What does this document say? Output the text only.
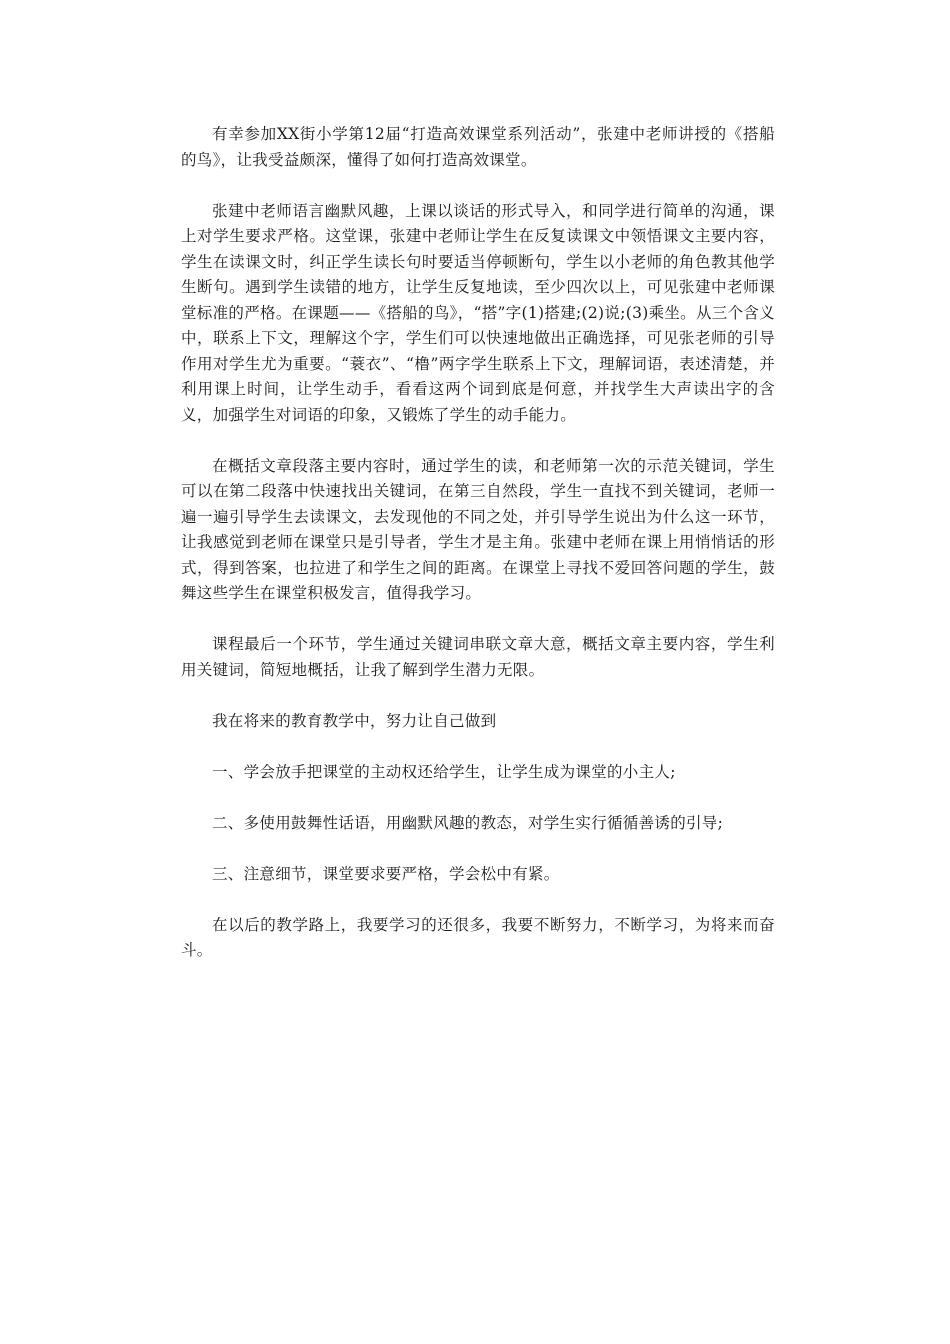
有幸参加XX街小学第12届“打造高效课堂系列活动”，张建中老师讲授的《搭船的鸟》，让我受益颇深，懂得了如何打造高效课堂。

张建中老师语言幽默风趣，上课以谈话的形式导入，和同学进行简单的沟通，课上对学生要求严格。这堂课，张建中老师让学生在反复读课文中领悟课文主要内容，学生在读课文时，纠正学生读长句时要适当停顿断句，学生以小老师的角色教其他学生断句。遇到学生读错的地方，让学生反复地读，至少四次以上，可见张建中老师课堂标准的严格。在课题——《搭船的鸟》，“搭”字(1)搭建;(2)说;(3)乘坐。从三个含义中，联系上下文，理解这个字，学生们可以快速地做出正确选择，可见张老师的引导作用对学生尤为重要。“蓑衣”、“橹”两字学生联系上下文，理解词语，表述清楚，并利用课上时间，让学生动手，看看这两个词到底是何意，并找学生大声读出字的含义，加强学生对词语的印象，又锻炼了学生的动手能力。

在概括文章段落主要内容时，通过学生的读，和老师第一次的示范关键词，学生可以在第二段落中快速找出关键词，在第三自然段，学生一直找不到关键词，老师一遍一遍引导学生去读课文，去发现他的不同之处，并引导学生说出为什么这一环节，让我感觉到老师在课堂只是引导者，学生才是主角。张建中老师在课上用悄悄话的形式，得到答案，也拉进了和学生之间的距离。在课堂上寻找不爱回答问题的学生，鼓舞这些学生在课堂积极发言，值得我学习。

课程最后一个环节，学生通过关键词串联文章大意，概括文章主要内容，学生利用关键词，简短地概括，让我了解到学生潜力无限。

我在将来的教育教学中，努力让自己做到

一、学会放手把课堂的主动权还给学生，让学生成为课堂的小主人;

二、多使用鼓舞性话语，用幽默风趣的教态，对学生实行循循善诱的引导;

三、注意细节，课堂要求要严格，学会松中有紧。

在以后的教学路上，我要学习的还很多，我要不断努力，不断学习，为将来而奋斗。
